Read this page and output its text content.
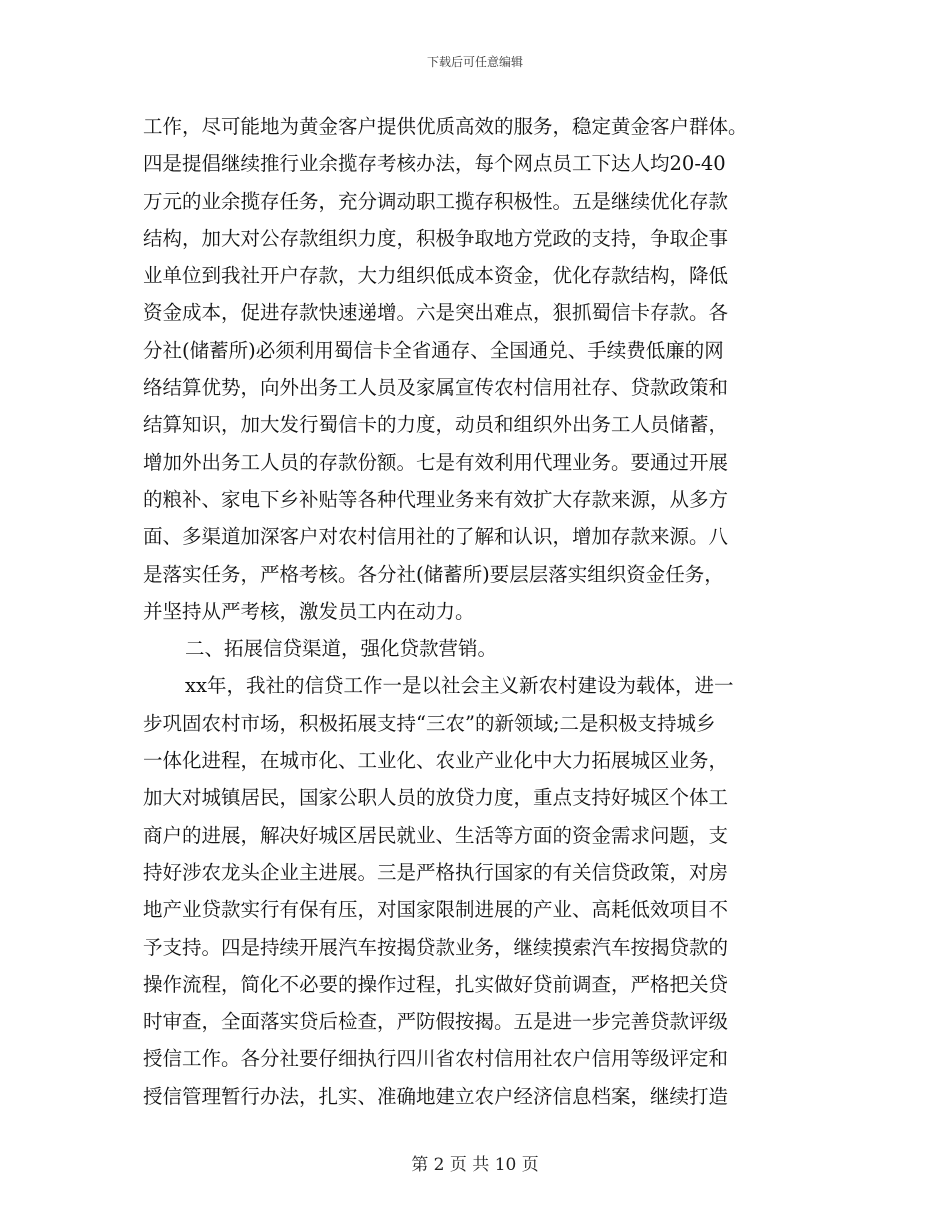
下载后可任意编辑
工作，尽可能地为黄金客户提供优质高效的服务，稳定黄金客户群体。
四是提倡继续推行业余揽存考核办法，每个网点员工下达人均20-40
万元的业余揽存任务，充分调动职工揽存积极性。五是继续优化存款
结构，加大对公存款组织力度，积极争取地方党政的支持，争取企事
业单位到我社开户存款，大力组织低成本资金，优化存款结构，降低
资金成本，促进存款快速递增。六是突出难点，狠抓蜀信卡存款。各
分社(储蓄所)必须利用蜀信卡全省通存、全国通兑、手续费低廉的网
络结算优势，向外出务工人员及家属宣传农村信用社存、贷款政策和
结算知识，加大发行蜀信卡的力度，动员和组织外出务工人员储蓄，
增加外出务工人员的存款份额。七是有效利用代理业务。要通过开展
的粮补、家电下乡补贴等各种代理业务来有效扩大存款来源，从多方
面、多渠道加深客户对农村信用社的了解和认识，增加存款来源。八
是落实任务，严格考核。各分社(储蓄所)要层层落实组织资金任务，
并坚持从严考核，激发员工内在动力。
二、拓展信贷渠道，强化贷款营销。
xx年，我社的信贷工作一是以社会主义新农村建设为载体，进一
步巩固农村市场，积极拓展支持“三农”的新领域;二是积极支持城乡
一体化进程，在城市化、工业化、农业产业化中大力拓展城区业务，
加大对城镇居民，国家公职人员的放贷力度，重点支持好城区个体工
商户的进展，解决好城区居民就业、生活等方面的资金需求问题，支
持好涉农龙头企业主进展。三是严格执行国家的有关信贷政策，对房
地产业贷款实行有保有压，对国家限制进展的产业、高耗低效项目不
予支持。四是持续开展汽车按揭贷款业务，继续摸索汽车按揭贷款的
操作流程，简化不必要的操作过程，扎实做好贷前调查，严格把关贷
时审查，全面落实贷后检查，严防假按揭。五是进一步完善贷款评级
授信工作。各分社要仔细执行四川省农村信用社农户信用等级评定和
授信管理暂行办法，扎实、准确地建立农户经济信息档案，继续打造
第 2 页 共 10 页
